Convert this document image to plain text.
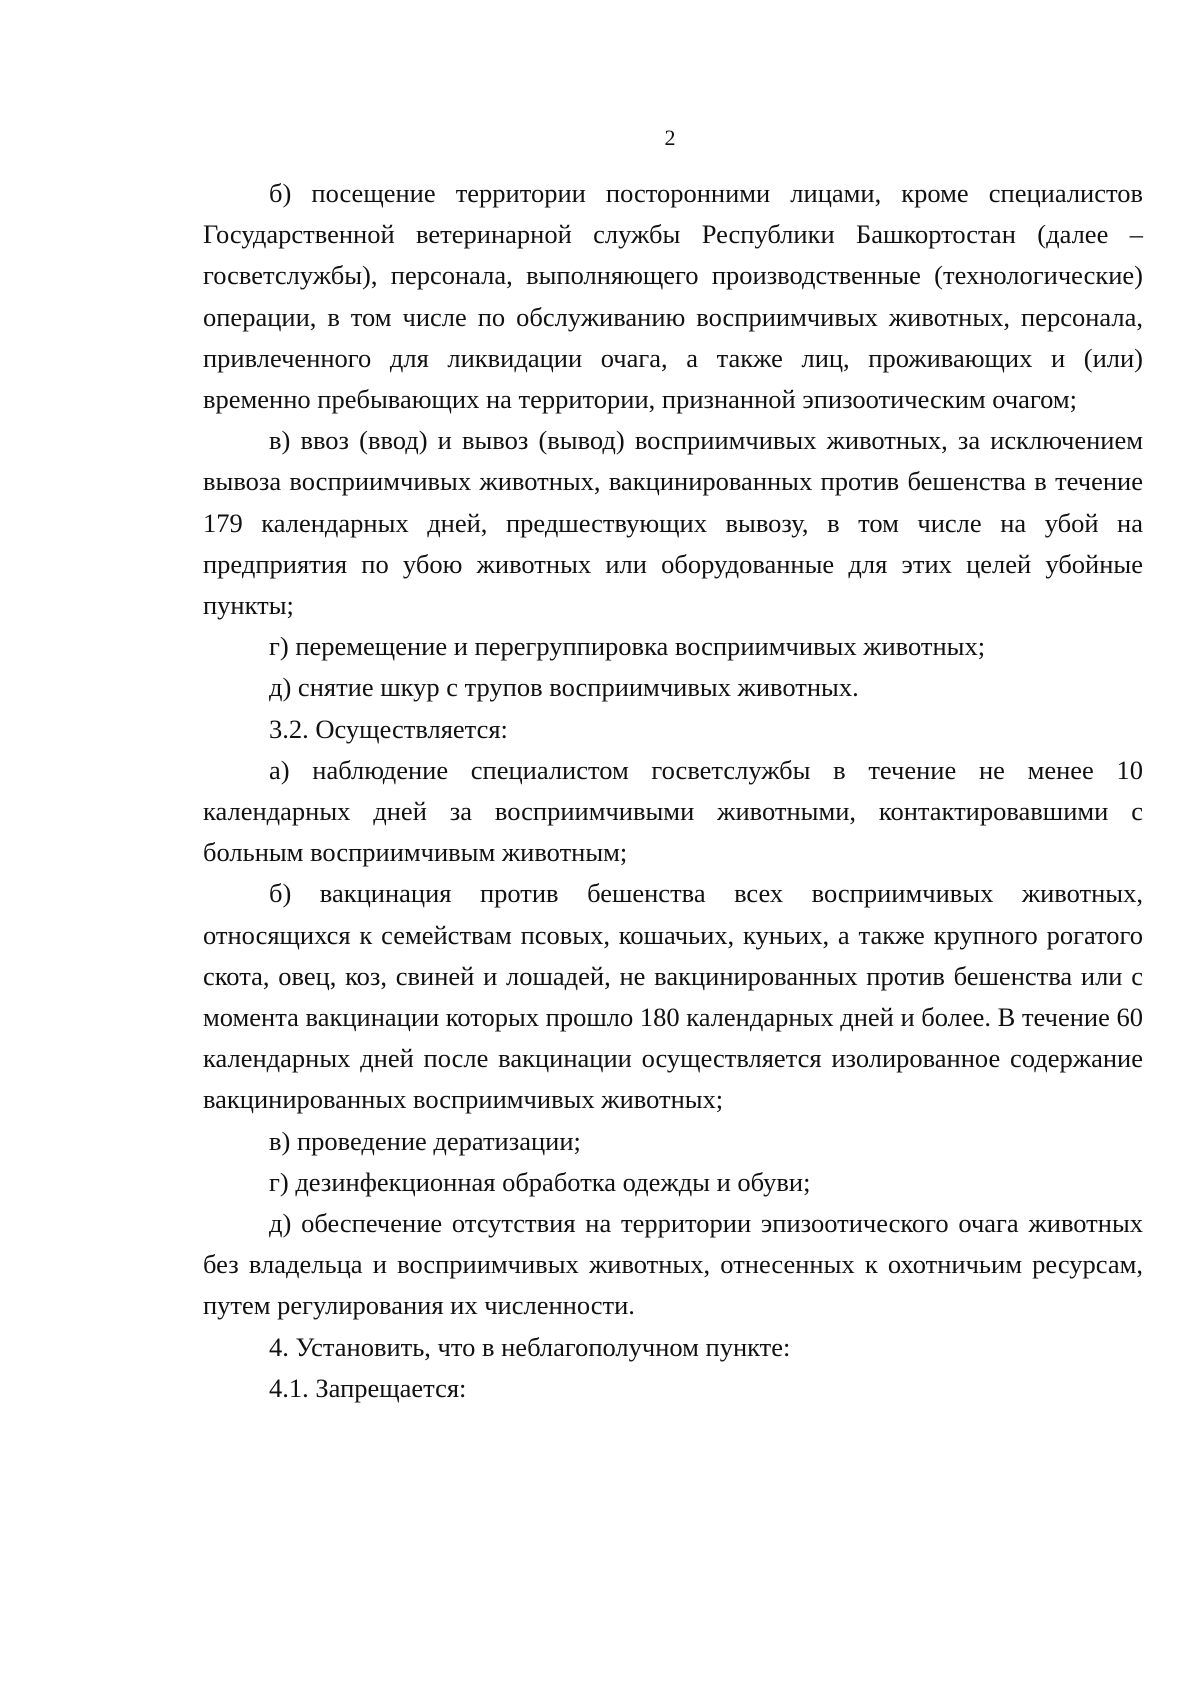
2

б) посещение территории посторонними лицами, кроме специалистов Государственной ветеринарной службы Республики Башкортостан (далее – госветслужбы), персонала, выполняющего производственные (технологические) операции, в том числе по обслуживанию восприимчивых животных, персонала, привлеченного для ликвидации очага, а также лиц, проживающих и (или) временно пребывающих на территории, признанной эпизоотическим очагом;

в) ввоз (ввод) и вывоз (вывод) восприимчивых животных, за исключением вывоза восприимчивых животных, вакцинированных против бешенства в течение 179 календарных дней, предшествующих вывозу, в том числе на убой на предприятия по убою животных или оборудованные для этих целей убойные пункты;

г) перемещение и перегруппировка восприимчивых животных;

д) снятие шкур с трупов восприимчивых животных.

3.2. Осуществляется:

а) наблюдение специалистом госветслужбы в течение не менее 10 календарных дней за восприимчивыми животными, контактировавшими с больным восприимчивым животным;

б) вакцинация против бешенства всех восприимчивых животных, относящихся к семействам псовых, кошачьих, куньих, а также крупного рогатого скота, овец, коз, свиней и лошадей, не вакцинированных против бешенства или с момента вакцинации которых прошло 180 календарных дней и более. В течение 60 календарных дней после вакцинации осуществляется изолированное содержание вакцинированных восприимчивых животных;

в) проведение дератизации;

г) дезинфекционная обработка одежды и обуви;

д) обеспечение отсутствия на территории эпизоотического очага животных без владельца и восприимчивых животных, отнесенных к охотничьим ресурсам, путем регулирования их численности.

4. Установить, что в неблагополучном пункте:

4.1. Запрещается:
